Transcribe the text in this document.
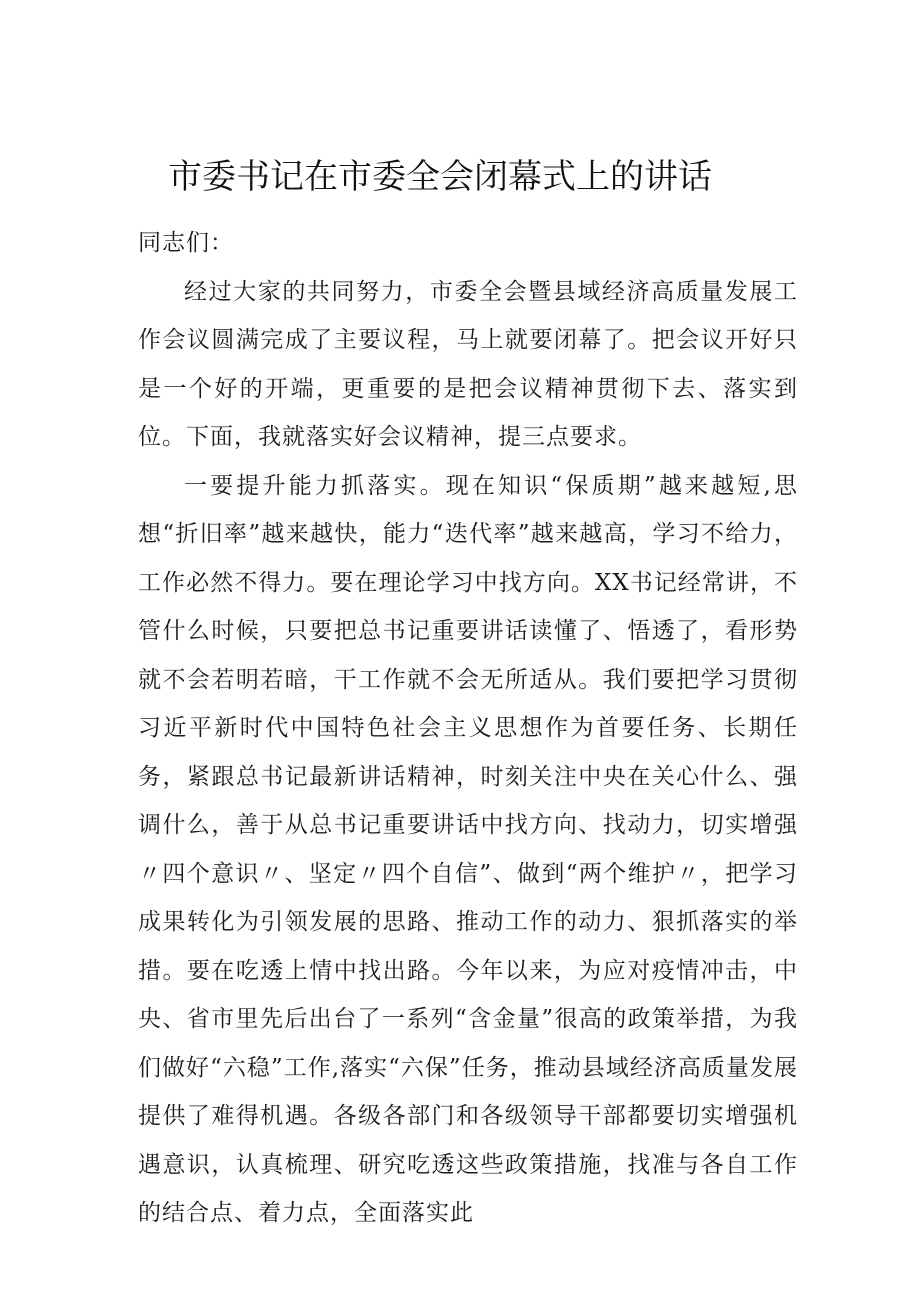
市委书记在市委全会闭幕式上的讲话

同志们：

经过大家的共同努力，市委全会暨县域经济高质量发展工作会议圆满完成了主要议程，马上就要闭幕了。把会议开好只是一个好的开端，更重要的是把会议精神贯彻下去、落实到位。下面，我就落实好会议精神，提三点要求。

一要提升能力抓落实。现在知识“保质期”越来越短,思想“折旧率”越来越快，能力“迭代率”越来越高，学习不给力，工作必然不得力。要在理论学习中找方向。XX书记经常讲，不管什么时候，只要把总书记重要讲话读懂了、悟透了，看形势就不会若明若暗，干工作就不会无所适从。我们要把学习贯彻习近平新时代中国特色社会主义思想作为首要任务、长期任务，紧跟总书记最新讲话精神，时刻关注中央在关心什么、强调什么，善于从总书记重要讲话中找方向、找动力，切实增强〃四个意识〃、坚定〃四个自信”、做到“两个维护〃，把学习成果转化为引领发展的思路、推动工作的动力、狠抓落实的举措。要在吃透上情中找出路。今年以来，为应对疫情冲击，中央、省市里先后出台了一系列“含金量”很高的政策举措，为我们做好“六稳”工作,落实“六保”任务，推动县域经济高质量发展提供了难得机遇。各级各部门和各级领导干部都要切实增强机遇意识，认真梳理、研究吃透这些政策措施，找准与各自工作的结合点、着力点，全面落实此
